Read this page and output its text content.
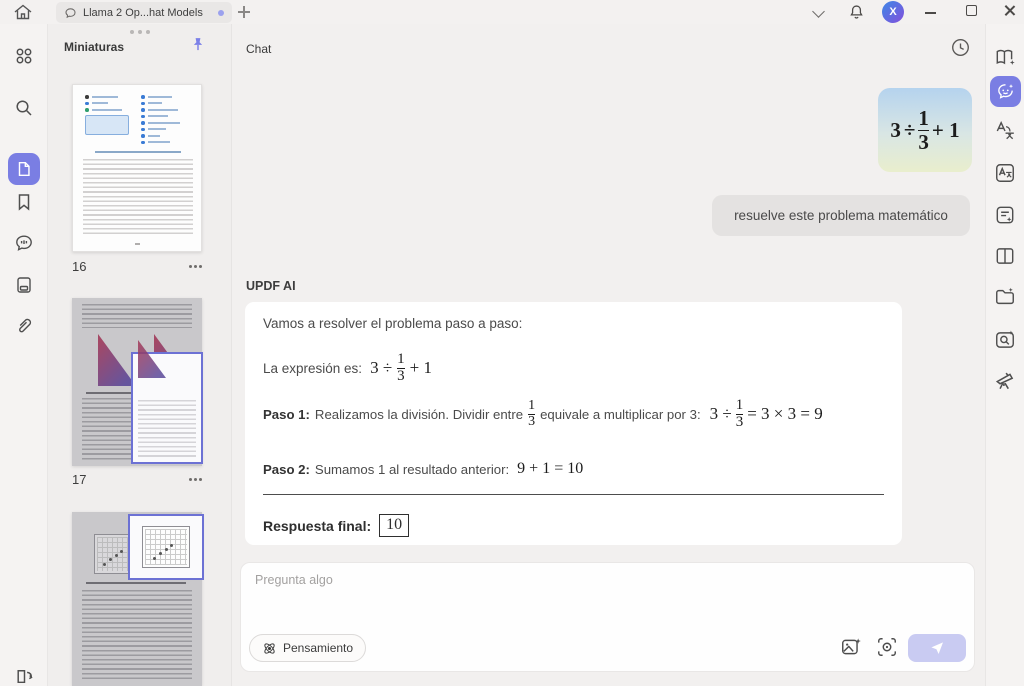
Llama 2 Op...hat Models	X
Miniaturas
16
17
Chat
$3 \div \frac{1}{3} + 1$
resuelve este problema matemático
UPDF AI
Vamos a resolver el problema paso a paso:
La expresión es: $3 \div \frac{1}{3} + 1$
Paso 1: Realizamos la división. Dividir entre $\frac{1}{3}$ equivale a multiplicar por 3: $3 \div \frac{1}{3} = 3 \times 3 = 9$
Paso 2: Sumamos 1 al resultado anterior: 9 + 1 = 10
Respuesta final: 10
Pregunta algo
Pensamiento
